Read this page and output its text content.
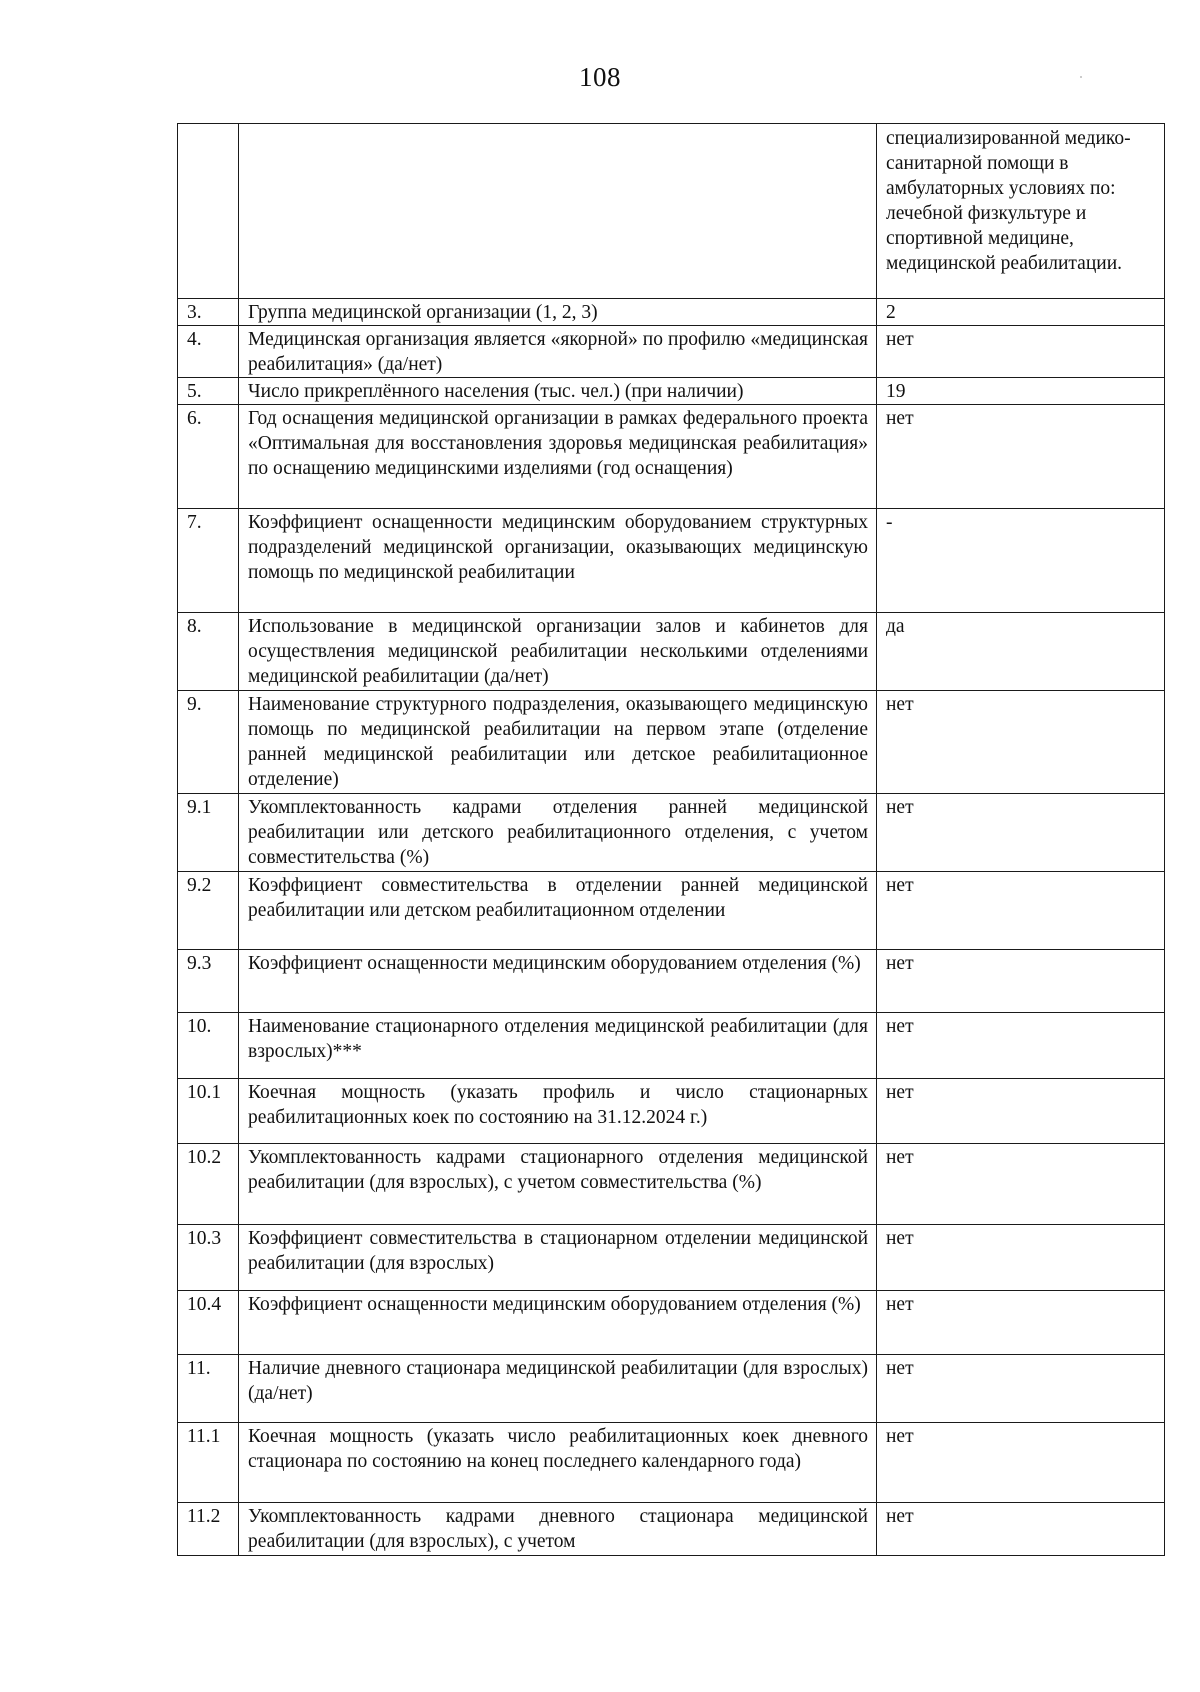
108
		специализированной медико-санитарной помощи в амбулаторных условиях по: лечебной физкультуре и спортивной медицине, медицинской реабилитации.
3.	Группа медицинской организации (1, 2, 3)	2
4.	Медицинская организация является «якорной» по профилю «медицинская реабилитация» (да/нет)	нет
5.	Число прикреплённого населения (тыс. чел.) (при наличии)	19
6.	Год оснащения медицинской организации в рамках федерального проекта «Оптимальная для восстановления здоровья медицинская реабилитация» по оснащению медицинскими изделиями (год оснащения)	нет
7.	Коэффициент оснащенности медицинским оборудованием структурных подразделений медицинской организации, оказывающих медицинскую помощь по медицинской реабилитации	-
8.	Использование в медицинской организации залов и кабинетов для осуществления медицинской реабилитации несколькими отделениями медицинской реабилитации (да/нет)	да
9.	Наименование структурного подразделения, оказывающего медицинскую помощь по медицинской реабилитации на первом этапе (отделение ранней медицинской реабилитации или детское реабилитационное отделение)	нет
9.1	Укомплектованность кадрами отделения ранней медицинской реабилитации или детского реабилитационного отделения, с учетом совместительства (%)	нет
9.2	Коэффициент совместительства в отделении ранней медицинской реабилитации или детском реабилитационном отделении	нет
9.3	Коэффициент оснащенности медицинским оборудованием отделения (%)	нет
10.	Наименование стационарного отделения медицинской реабилитации (для взрослых)***	нет
10.1	Коечная мощность (указать профиль и число стационарных реабилитационных коек по состоянию на 31.12.2024 г.)	нет
10.2	Укомплектованность кадрами стационарного отделения медицинской реабилитации (для взрослых), с учетом совместительства (%)	нет
10.3	Коэффициент совместительства в стационарном отделении медицинской реабилитации (для взрослых)	нет
10.4	Коэффициент оснащенности медицинским оборудованием отделения (%)	нет
11.	Наличие дневного стационара медицинской реабилитации (для взрослых) (да/нет)	нет
11.1	Коечная мощность (указать число реабилитационных коек дневного стационара по состоянию на конец последнего календарного года)	нет
11.2	Укомплектованность кадрами дневного стационара медицинской реабилитации (для взрослых), с учетом	нет
